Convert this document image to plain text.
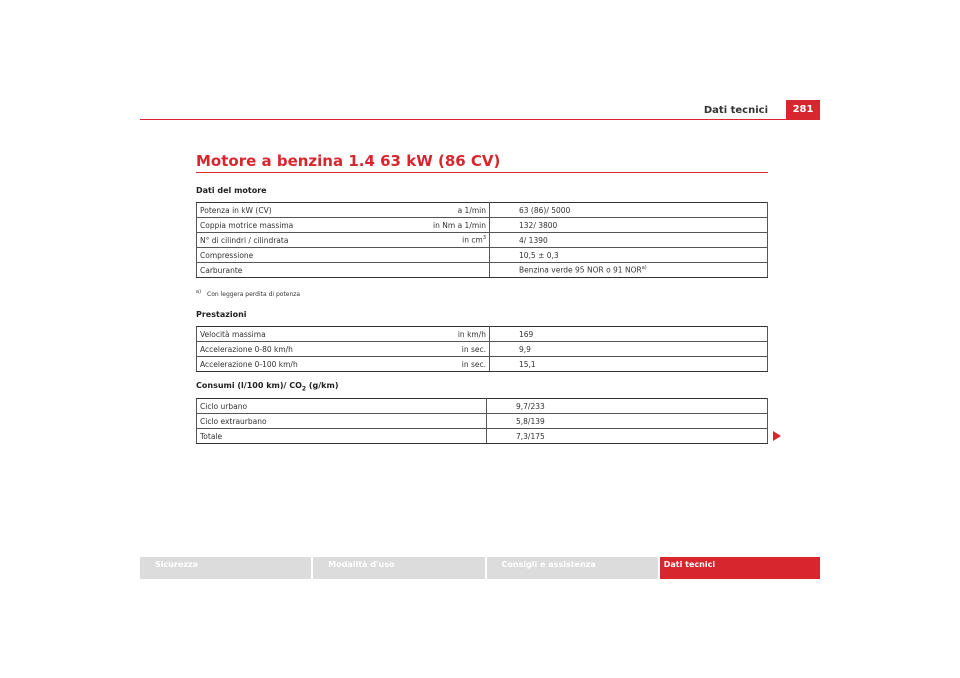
Dati tecnici	281
Motore a benzina 1.4 63 kW (86 CV)
Dati del motore
Potenza in kW (CV)	a 1/min	63 (86)/ 5000
Coppia motrice massima	in Nm a 1/min	132/ 3800
N° di cilindri / cilindrata	in $cm^3$	4/ 1390
Compressione		10,5 ± 0,3
Carburante		Benzina verde 95 NOR o 91 NOR$^{a)}$
$^{a)}$ Con leggera perdita di potenza
Prestazioni
Velocità massima	in km/h	169
Accelerazione 0-80 km/h	in sec.	9,9
Accelerazione 0-100 km/h	in sec.	15,1
Consumi (l/100 km)/ $CO_2$ (g/km)
Ciclo urbano	9,7/233
Ciclo extraurbano	5,8/139
Totale	7,3/175
Sicurezza	Modalità d'uso	Consigli e assistenza	Dati tecnici
